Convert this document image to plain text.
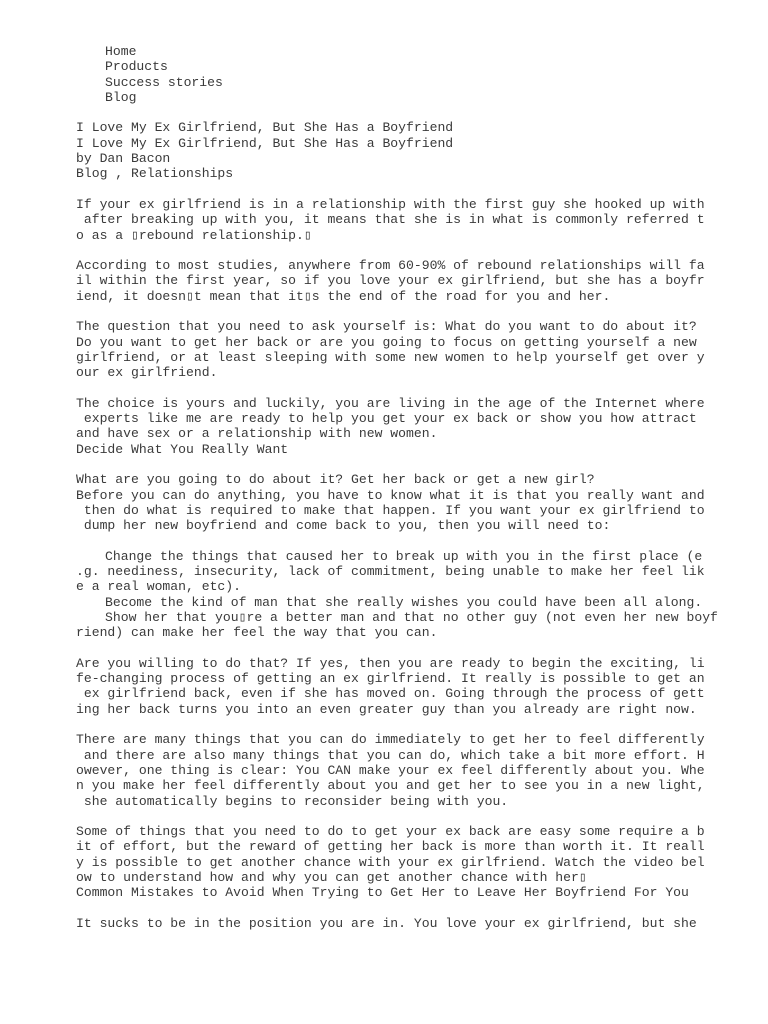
Home
Products
Success stories
Blog
I Love My Ex Girlfriend, But She Has a Boyfriend
I Love My Ex Girlfriend, But She Has a Boyfriend
by Dan Bacon
Blog , Relationships
If your ex girlfriend is in a relationship with the first guy she hooked up with
after breaking up with you, it means that she is in what is commonly referred t
o as a ▯rebound relationship.▯
According to most studies, anywhere from 60-90% of rebound relationships will fa
il within the first year, so if you love your ex girlfriend, but she has a boyfr
iend, it doesn▯t mean that it▯s the end of the road for you and her.
The question that you need to ask yourself is: What do you want to do about it?
Do you want to get her back or are you going to focus on getting yourself a new
girlfriend, or at least sleeping with some new women to help yourself get over y
our ex girlfriend.
The choice is yours and luckily, you are living in the age of the Internet where
experts like me are ready to help you get your ex back or show you how attract
and have sex or a relationship with new women.
Decide What You Really Want
What are you going to do about it? Get her back or get a new girl?
Before you can do anything, you have to know what it is that you really want and
then do what is required to make that happen. If you want your ex girlfriend to
dump her new boyfriend and come back to you, then you will need to:
Change the things that caused her to break up with you in the first place (e
.g. neediness, insecurity, lack of commitment, being unable to make her feel lik
e a real woman, etc).
Become the kind of man that she really wishes you could have been all along.
Show her that you▯re a better man and that no other guy (not even her new boyf
riend) can make her feel the way that you can.
Are you willing to do that? If yes, then you are ready to begin the exciting, li
fe-changing process of getting an ex girlfriend. It really is possible to get an
ex girlfriend back, even if she has moved on. Going through the process of gett
ing her back turns you into an even greater guy than you already are right now.
There are many things that you can do immediately to get her to feel differently
and there are also many things that you can do, which take a bit more effort. H
owever, one thing is clear: You CAN make your ex feel differently about you. Whe
n you make her feel differently about you and get her to see you in a new light,
she automatically begins to reconsider being with you.
Some of things that you need to do to get your ex back are easy some require a b
it of effort, but the reward of getting her back is more than worth it. It reall
y is possible to get another chance with your ex girlfriend. Watch the video bel
ow to understand how and why you can get another chance with her▯
Common Mistakes to Avoid When Trying to Get Her to Leave Her Boyfriend For You
It sucks to be in the position you are in. You love your ex girlfriend, but she
